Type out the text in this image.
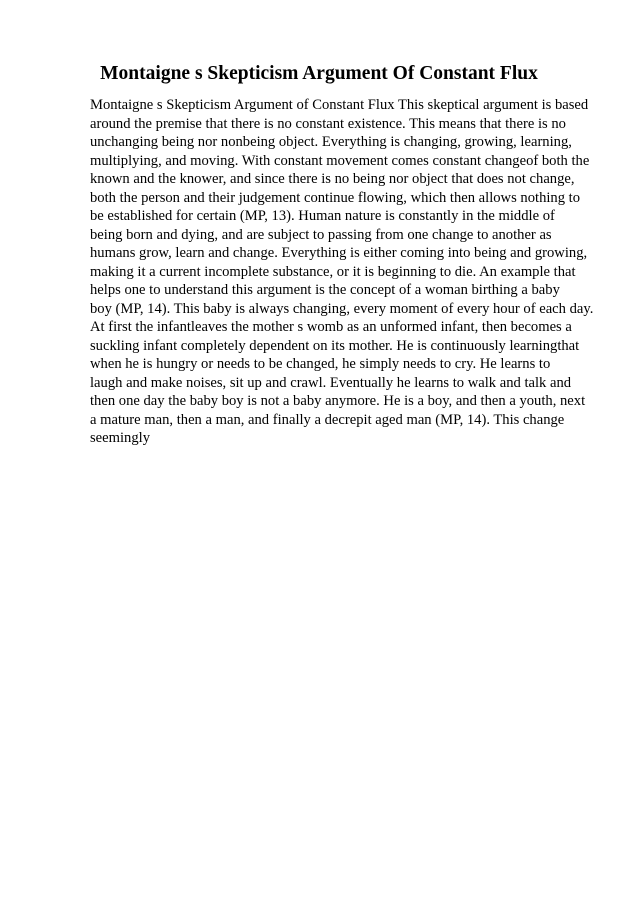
Montaigne s Skepticism Argument Of Constant Flux
Montaigne s Skepticism Argument of Constant Flux This skeptical argument is based
around the premise that there is no constant existence. This means that there is no
unchanging being nor nonbeing object. Everything is changing, growing, learning,
multiplying, and moving. With constant movement comes constant changeof both the
known and the knower, and since there is no being nor object that does not change,
both the person and their judgement continue flowing, which then allows nothing to
be established for certain (MP, 13). Human nature is constantly in the middle of
being born and dying, and are subject to passing from one change to another as
humans grow, learn and change. Everything is either coming into being and growing,
making it a current incomplete substance, or it is beginning to die. An example that
helps one to understand this argument is the concept of a woman birthing a baby
boy (MP, 14). This baby is always changing, every moment of every hour of each day.
At first the infantleaves the mother s womb as an unformed infant, then becomes a
suckling infant completely dependent on its mother. He is continuously learningthat
when he is hungry or needs to be changed, he simply needs to cry. He learns to
laugh and make noises, sit up and crawl. Eventually he learns to walk and talk and
then one day the baby boy is not a baby anymore. He is a boy, and then a youth, next
a mature man, then a man, and finally a decrepit aged man (MP, 14). This change
seemingly
